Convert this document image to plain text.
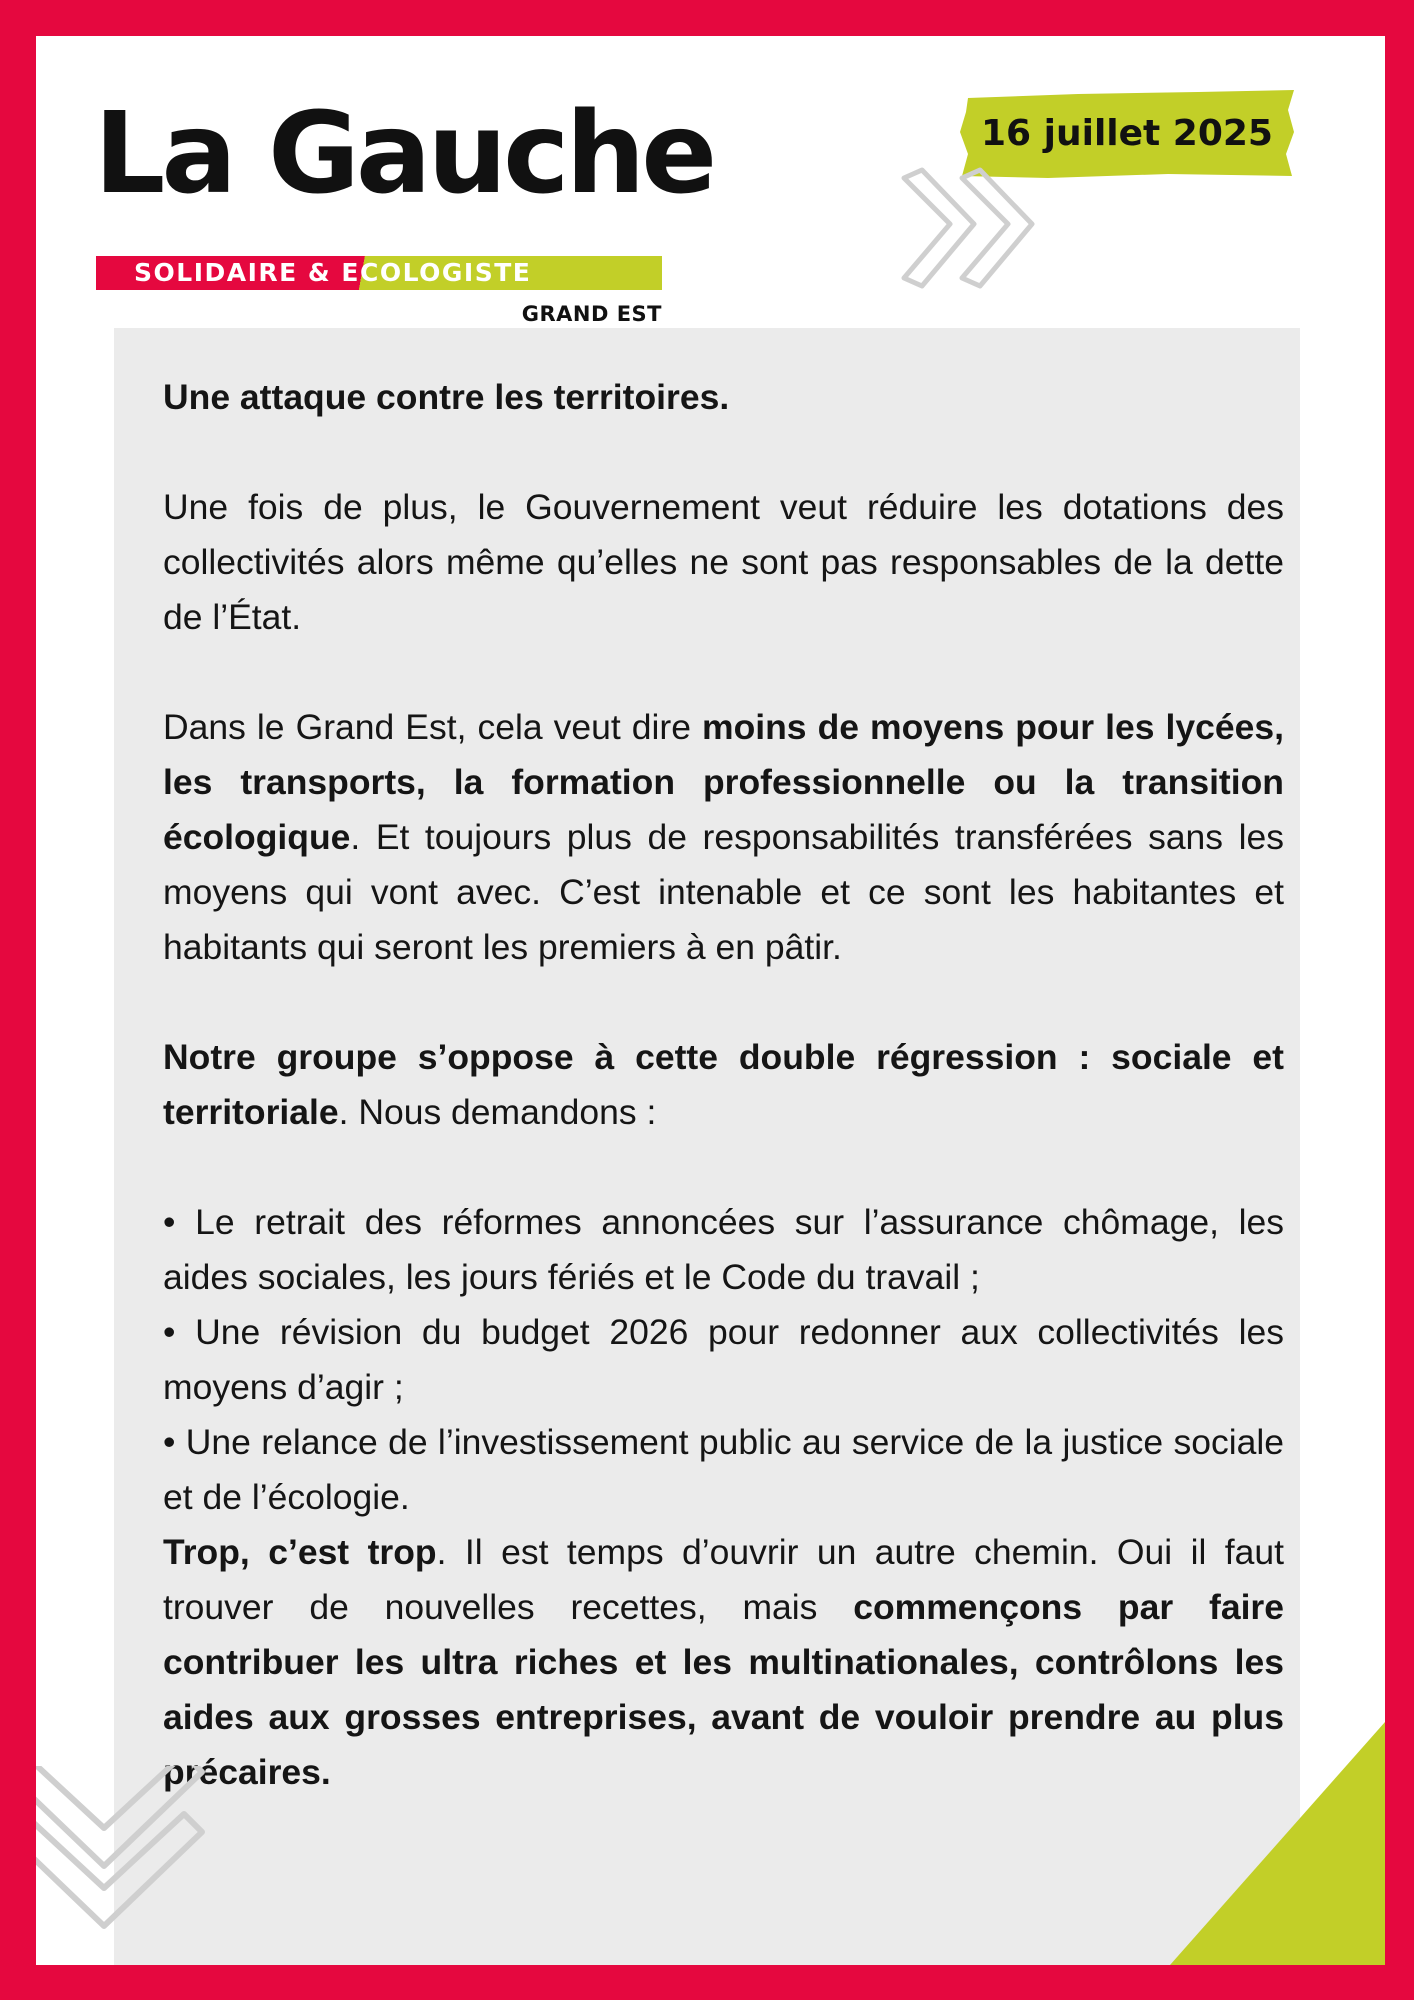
La Gauche
SOLIDAIRE & ECOLOGISTE
GRAND EST
16 juillet 2025

Une attaque contre les territoires.

Une fois de plus, le Gouvernement veut réduire les dotations des collectivités alors même qu’elles ne sont pas responsables de la dette de l’État.

Dans le Grand Est, cela veut dire moins de moyens pour les lycées, les transports, la formation professionnelle ou la transition écologique. Et toujours plus de responsabilités transférées sans les moyens qui vont avec. C’est intenable et ce sont les habitantes et habitants qui seront les premiers à en pâtir.

Notre groupe s’oppose à cette double régression : sociale et territoriale. Nous demandons :

• Le retrait des réformes annoncées sur l’assurance chômage, les aides sociales, les jours fériés et le Code du travail ;
• Une révision du budget 2026 pour redonner aux collectivités les moyens d’agir ;
• Une relance de l’investissement public au service de la justice sociale et de l’écologie.

Trop, c’est trop. Il est temps d’ouvrir un autre chemin. Oui il faut trouver de nouvelles recettes, mais commençons par faire contribuer les ultra riches et les multinationales, contrôlons les aides aux grosses entreprises, avant de vouloir prendre au plus précaires.
